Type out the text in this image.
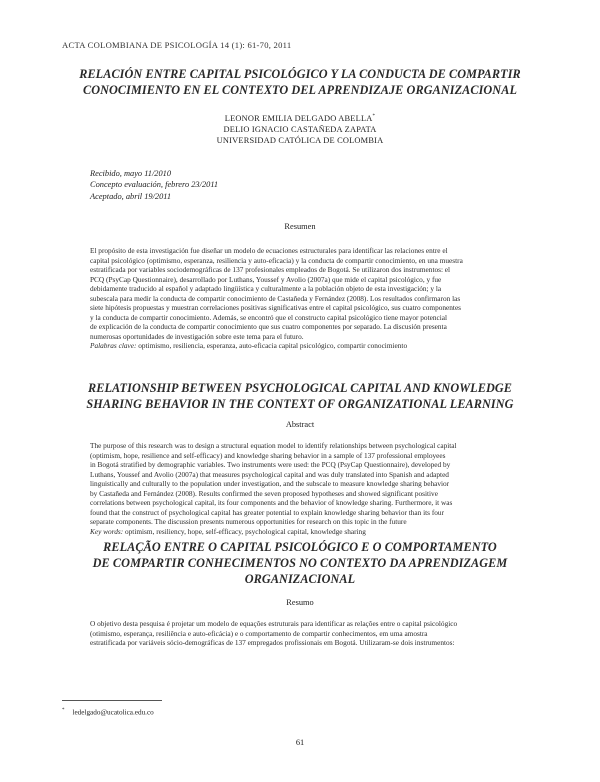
ACTA COLOMBIANA DE PSICOLOGÍA 14 (1): 61-70, 2011
RELACIÓN ENTRE CAPITAL PSICOLÓGICO Y LA CONDUCTA DE COMPARTIR
CONOCIMIENTO EN EL CONTEXTO DEL APRENDIZAJE ORGANIZACIONAL
LEONOR EMILIA DELGADO ABELLA*
DELIO IGNACIO CASTAÑEDA ZAPATA
UNIVERSIDAD CATÓLICA DE COLOMBIA
Recibido, mayo 11/2010
Concepto evaluación, febrero 23/2011
Aceptado, abril 19/2011
Resumen
El propósito de esta investigación fue diseñar un modelo de ecuaciones estructurales para identificar las relaciones entre el
capital psicológico (optimismo, esperanza, resiliencia y auto-eficacia) y la conducta de compartir conocimiento, en una muestra
estratificada por variables sociodemográficas de 137 profesionales empleados de Bogotá. Se utilizaron dos instrumentos: el
PCQ (PsyCap Questionnaire), desarrollado por Luthans, Youssef y Avolio (2007a) que mide el capital psicológico, y fue
debidamente traducido al español y adaptado lingüística y culturalmente a la población objeto de esta investigación; y la
subescala para medir la conducta de compartir conocimiento de Castañeda y Fernández (2008). Los resultados confirmaron las
siete hipótesis propuestas y muestran correlaciones positivas significativas entre el capital psicológico, sus cuatro componentes
y la conducta de compartir conocimiento. Además, se encontró que el constructo capital psicológico tiene mayor potencial
de explicación de la conducta de compartir conocimiento que sus cuatro componentes por separado. La discusión presenta
numerosas oportunidades de investigación sobre este tema para el futuro.
Palabras clave: optimismo, resiliencia, esperanza, auto-eficacia capital psicológico, compartir conocimiento
RELATIONSHIP BETWEEN PSYCHOLOGICAL CAPITAL AND KNOWLEDGE
SHARING BEHAVIOR IN THE CONTEXT OF ORGANIZATIONAL LEARNING
Abstract
The purpose of this research was to design a structural equation model to identify relationships between psychological capital
(optimism, hope, resilience and self-efficacy) and knowledge sharing behavior in a sample of 137 professional employees
in Bogotá stratified by demographic variables. Two instruments were used: the PCQ (PsyCap Questionnaire), developed by
Luthans, Youssef and Avolio (2007a) that measures psychological capital and was duly translated into Spanish and adapted
linguistically and culturally to the population under investigation, and the subscale to measure knowledge sharing behavior
by Castañeda and Fernández (2008). Results confirmed the seven proposed hypotheses and showed significant positive
correlations between psychological capital, its four components and the behavior of knowledge sharing. Furthermore, it was
found that the construct of psychological capital has greater potential to explain knowledge sharing behavior than its four
separate components. The discussion presents numerous opportunities for research on this topic in the future
Key words: optimism, resiliency, hope, self-efficacy, psychological capital, knowledge sharing
RELAÇÃO ENTRE O CAPITAL PSICOLÓGICO E O COMPORTAMENTO
DE COMPARTIR CONHECIMENTOS NO CONTEXTO DA APRENDIZAGEM
ORGANIZACIONAL
Resumo
O objetivo desta pesquisa é projetar um modelo de equações estruturais para identificar as relações entre o capital psicológico
(otimismo, esperança, resiliência e auto-eficácia) e o comportamento de compartir conhecimentos, em uma amostra
estratificada por variáveis sócio-demográficas de 137 empregados profissionais em Bogotá. Utilizaram-se dois instrumentos:
* ledelgado@ucatolica.edu.co
61
